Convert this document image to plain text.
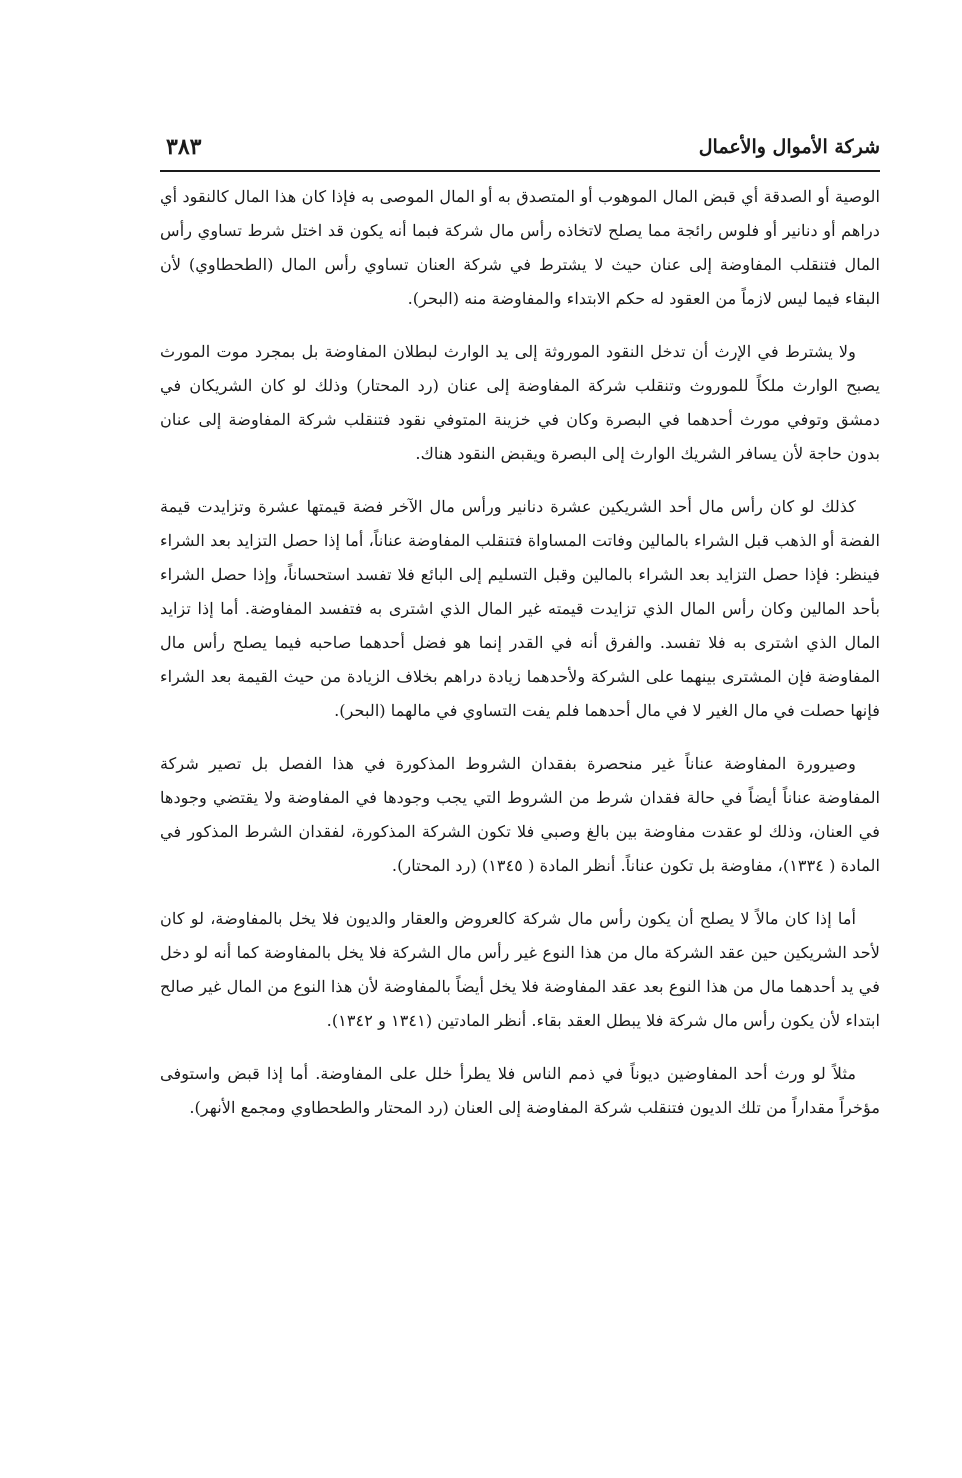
شركة الأموال والأعمال
٣٨٣

الوصية أو الصدقة أي قبض المال الموهوب أو المتصدق به أو المال الموصى به فإذا كان هذا المال كالنقود أي دراهم أو دنانير أو فلوس رائجة مما يصلح لاتخاذه رأس مال شركة فبما أنه يكون قد اختل شرط تساوي رأس المال فتنقلب المفاوضة إلى عنان حيث لا يشترط في شركة العنان تساوي رأس المال (الطحطاوي) لأن البقاء فيما ليس لازماً من العقود له حكم الابتداء والمفاوضة منه (البحر).

ولا يشترط في الإرث أن تدخل النقود الموروثة إلى يد الوارث لبطلان المفاوضة بل بمجرد موت المورث يصبح الوارث ملكاً للموروث وتنقلب شركة المفاوضة إلى عنان (رد المحتار) وذلك لو كان الشريكان في دمشق وتوفي مورث أحدهما في البصرة وكان في خزينة المتوفي نقود فتنقلب شركة المفاوضة إلى عنان بدون حاجة لأن يسافر الشريك الوارث إلى البصرة ويقبض النقود هناك.

كذلك لو كان رأس مال أحد الشريكين عشرة دنانير ورأس مال الآخر فضة قيمتها عشرة وتزايدت قيمة الفضة أو الذهب قبل الشراء بالمالين وفاتت المساواة فتنقلب المفاوضة عناناً، أما إذا حصل التزايد بعد الشراء فينظر: فإذا حصل التزايد بعد الشراء بالمالين وقبل التسليم إلى البائع فلا تفسد استحساناً، وإذا حصل الشراء بأحد المالين وكان رأس المال الذي تزايدت قيمته غير المال الذي اشترى به فتفسد المفاوضة. أما إذا تزايد المال الذي اشترى به فلا تفسد. والفرق أنه في القدر إنما هو فضل أحدهما صاحبه فيما يصلح رأس مال المفاوضة فإن المشترى بينهما على الشركة ولأحدهما زيادة دراهم بخلاف الزيادة من حيث القيمة بعد الشراء فإنها حصلت في مال الغير لا في مال أحدهما فلم يفت التساوي في مالهما (البحر).

وصيرورة المفاوضة عناناً غير منحصرة بفقدان الشروط المذكورة في هذا الفصل بل تصير شركة المفاوضة عناناً أيضاً في حالة فقدان شرط من الشروط التي يجب وجودها في المفاوضة ولا يقتضي وجودها في العنان، وذلك لو عقدت مفاوضة بين بالغ وصبي فلا تكون الشركة المذكورة، لفقدان الشرط المذكور في المادة ( ١٣٣٤)، مفاوضة بل تكون عناناً. أنظر المادة ( ١٣٤٥) (رد المحتار).

أما إذا كان مالاً لا يصلح أن يكون رأس مال شركة كالعروض والعقار والديون فلا يخل بالمفاوضة، لو كان لأحد الشريكين حين عقد الشركة مال من هذا النوع غير رأس مال الشركة فلا يخل بالمفاوضة كما أنه لو دخل في يد أحدهما مال من هذا النوع بعد عقد المفاوضة فلا يخل أيضاً بالمفاوضة لأن هذا النوع من المال غير صالح ابتداء لأن يكون رأس مال شركة فلا يبطل العقد بقاء. أنظر المادتين (١٣٤١ و ١٣٤٢).

مثلاً لو ورث أحد المفاوضين ديوناً في ذمم الناس فلا يطرأ خلل على المفاوضة. أما إذا قبض واستوفى مؤخراً مقداراً من تلك الديون فتنقلب شركة المفاوضة إلى العنان (رد المحتار والطحطاوي ومجمع الأنهر).
